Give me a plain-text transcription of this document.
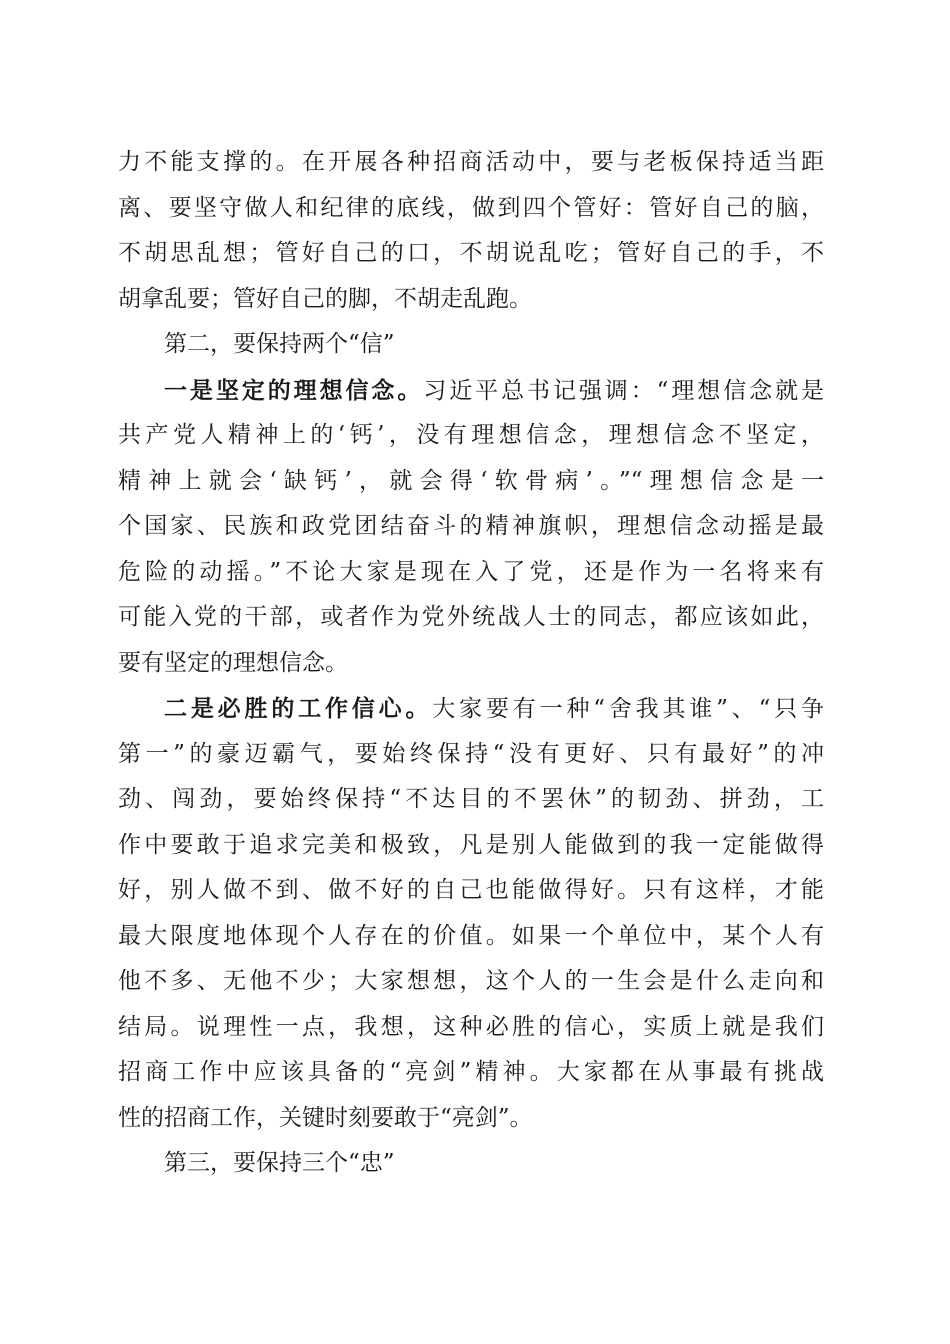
力不能支撑的。在开展各种招商活动中，要与老板保持适当距
离、要坚守做人和纪律的底线，做到四个管好：管好自己的脑，
不胡思乱想；管好自己的口，不胡说乱吃；管好自己的手，不
胡拿乱要；管好自己的脚，不胡走乱跑。
第二，要保持两个“信”
一是坚定的理想信念。习近平总书记强调：“理想信念就是
共产党人精神上的‘钙’，没有理想信念，理想信念不坚定，
精神上就会‘缺钙’，就会得‘软骨病’。”“理想信念是一
个国家、民族和政党团结奋斗的精神旗帜，理想信念动摇是最
危险的动摇。”不论大家是现在入了党，还是作为一名将来有
可能入党的干部，或者作为党外统战人士的同志，都应该如此，
要有坚定的理想信念。
二是必胜的工作信心。大家要有一种“舍我其谁”、“只争
第一”的豪迈霸气，要始终保持“没有更好、只有最好”的冲
劲、闯劲，要始终保持“不达目的不罢休”的韧劲、拼劲，工
作中要敢于追求完美和极致，凡是别人能做到的我一定能做得
好，别人做不到、做不好的自己也能做得好。只有这样，才能
最大限度地体现个人存在的价值。如果一个单位中，某个人有
他不多、无他不少；大家想想，这个人的一生会是什么走向和
结局。说理性一点，我想，这种必胜的信心，实质上就是我们
招商工作中应该具备的“亮剑”精神。大家都在从事最有挑战
性的招商工作，关键时刻要敢于“亮剑”。
第三，要保持三个“忠”
